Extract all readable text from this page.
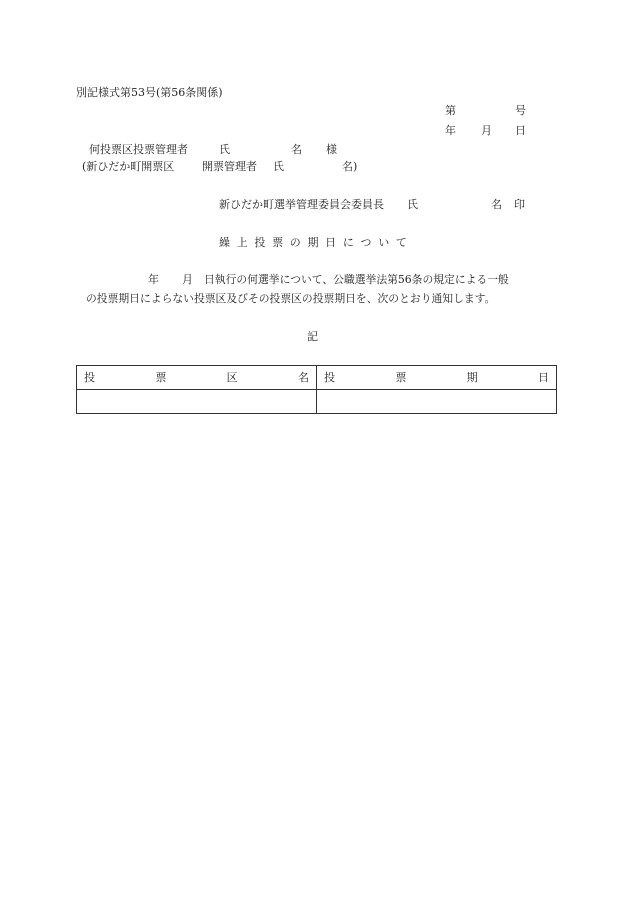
別記様式第53号(第56条関係)
第	号
年 月 日
何投票区投票管理者	氏	名 様
(新ひだか町開票区	開票管理者 氏	名)
新ひだか町選挙管理委員会委員長 氏	名 印
繰 上 投 票 の 期 日 に つ い て
年 月 日執行の何選挙について、公職選挙法第56条の規定による一般
の投票期日によらない投票区及びその投票区の投票期日を、次のとおり通知します。
記
投 票 区 名	投 票 期 日
